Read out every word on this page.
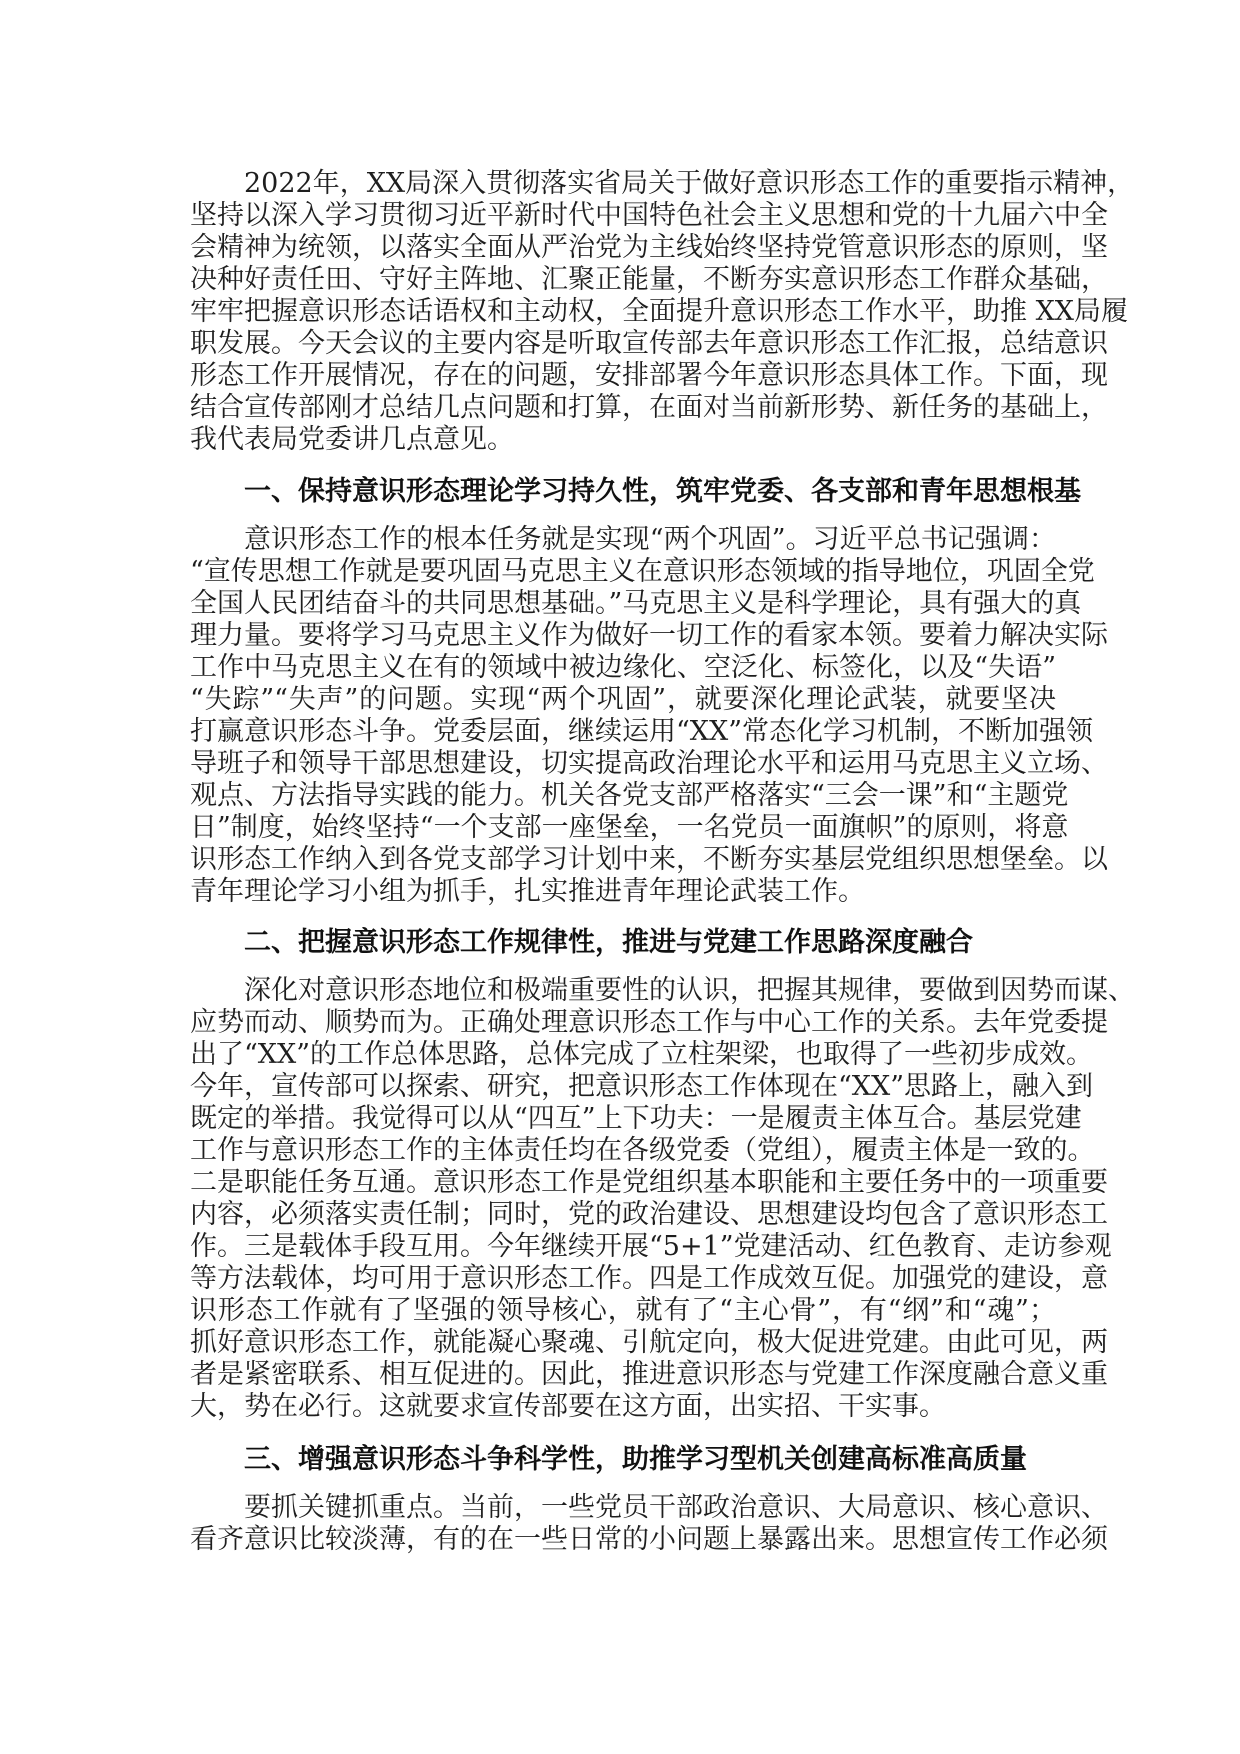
2022年，XX局深入贯彻落实省局关于做好意识形态工作的重要指示精神，
坚持以深入学习贯彻习近平新时代中国特色社会主义思想和党的十九届六中全
会精神为统领，以落实全面从严治党为主线始终坚持党管意识形态的原则，坚
决种好责任田、守好主阵地、汇聚正能量，不断夯实意识形态工作群众基础，
牢牢把握意识形态话语权和主动权，全面提升意识形态工作水平，助推 XX局履
职发展。今天会议的主要内容是听取宣传部去年意识形态工作汇报，总结意识
形态工作开展情况，存在的问题，安排部署今年意识形态具体工作。下面，现
结合宣传部刚才总结几点问题和打算，在面对当前新形势、新任务的基础上，
我代表局党委讲几点意见。
一、保持意识形态理论学习持久性，筑牢党委、各支部和青年思想根基
意识形态工作的根本任务就是实现“两个巩固”。习近平总书记强调：
“宣传思想工作就是要巩固马克思主义在意识形态领域的指导地位，巩固全党
全国人民团结奋斗的共同思想基础。”马克思主义是科学理论，具有强大的真
理力量。要将学习马克思主义作为做好一切工作的看家本领。要着力解决实际
工作中马克思主义在有的领域中被边缘化、空泛化、标签化，以及“失语”
“失踪”“失声”的问题。实现“两个巩固”，就要深化理论武装，就要坚决
打赢意识形态斗争。党委层面，继续运用“XX”常态化学习机制，不断加强领
导班子和领导干部思想建设，切实提高政治理论水平和运用马克思主义立场、
观点、方法指导实践的能力。机关各党支部严格落实“三会一课”和“主题党
日”制度，始终坚持“一个支部一座堡垒，一名党员一面旗帜”的原则，将意
识形态工作纳入到各党支部学习计划中来，不断夯实基层党组织思想堡垒。以
青年理论学习小组为抓手，扎实推进青年理论武装工作。
二、把握意识形态工作规律性，推进与党建工作思路深度融合
深化对意识形态地位和极端重要性的认识，把握其规律，要做到因势而谋、
应势而动、顺势而为。正确处理意识形态工作与中心工作的关系。去年党委提
出了“XX”的工作总体思路，总体完成了立柱架梁，也取得了一些初步成效。
今年，宣传部可以探索、研究，把意识形态工作体现在“XX”思路上，融入到
既定的举措。我觉得可以从“四互”上下功夫：一是履责主体互合。基层党建
工作与意识形态工作的主体责任均在各级党委（党组），履责主体是一致的。
二是职能任务互通。意识形态工作是党组织基本职能和主要任务中的一项重要
内容，必须落实责任制；同时，党的政治建设、思想建设均包含了意识形态工
作。三是载体手段互用。今年继续开展“5+1”党建活动、红色教育、走访参观
等方法载体，均可用于意识形态工作。四是工作成效互促。加强党的建设，意
识形态工作就有了坚强的领导核心，就有了“主心骨”，有“纲”和“魂”；
抓好意识形态工作，就能凝心聚魂、引航定向，极大促进党建。由此可见，两
者是紧密联系、相互促进的。因此，推进意识形态与党建工作深度融合意义重
大，势在必行。这就要求宣传部要在这方面，出实招、干实事。
三、增强意识形态斗争科学性，助推学习型机关创建高标准高质量
要抓关键抓重点。当前，一些党员干部政治意识、大局意识、核心意识、
看齐意识比较淡薄，有的在一些日常的小问题上暴露出来。思想宣传工作必须
